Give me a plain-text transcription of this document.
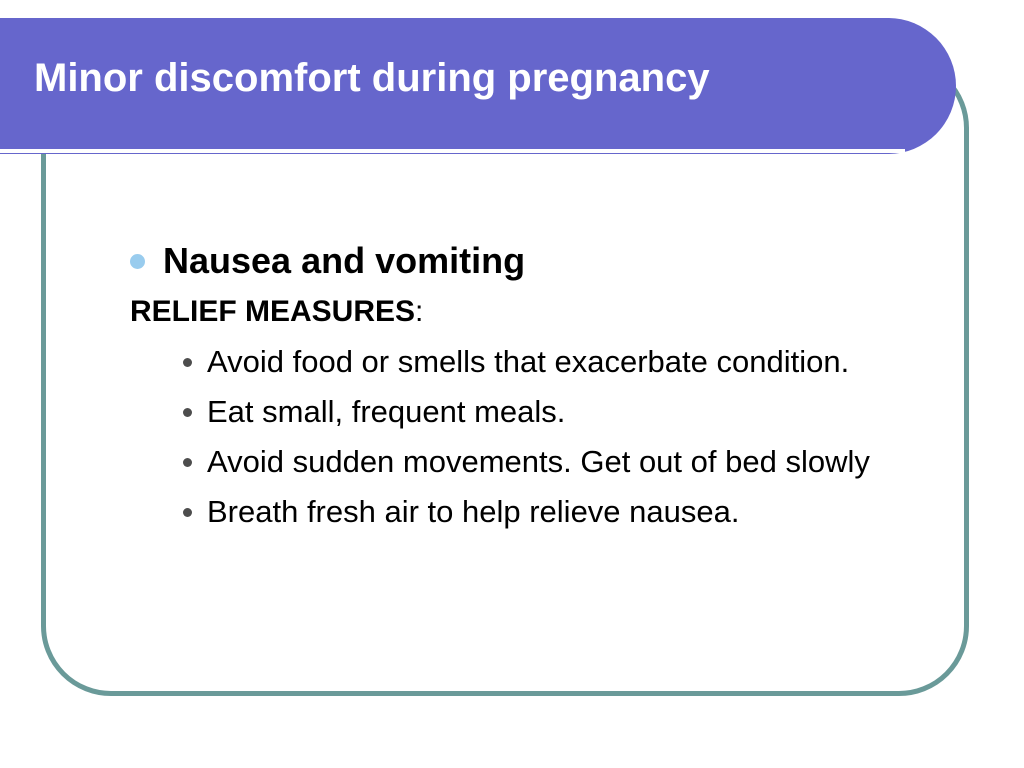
Minor discomfort during pregnancy
Nausea and vomiting
RELIEF MEASURES:
Avoid food or smells that exacerbate condition.
Eat small, frequent meals.
Avoid sudden movements. Get out of bed slowly
Breath fresh air to help relieve nausea.
